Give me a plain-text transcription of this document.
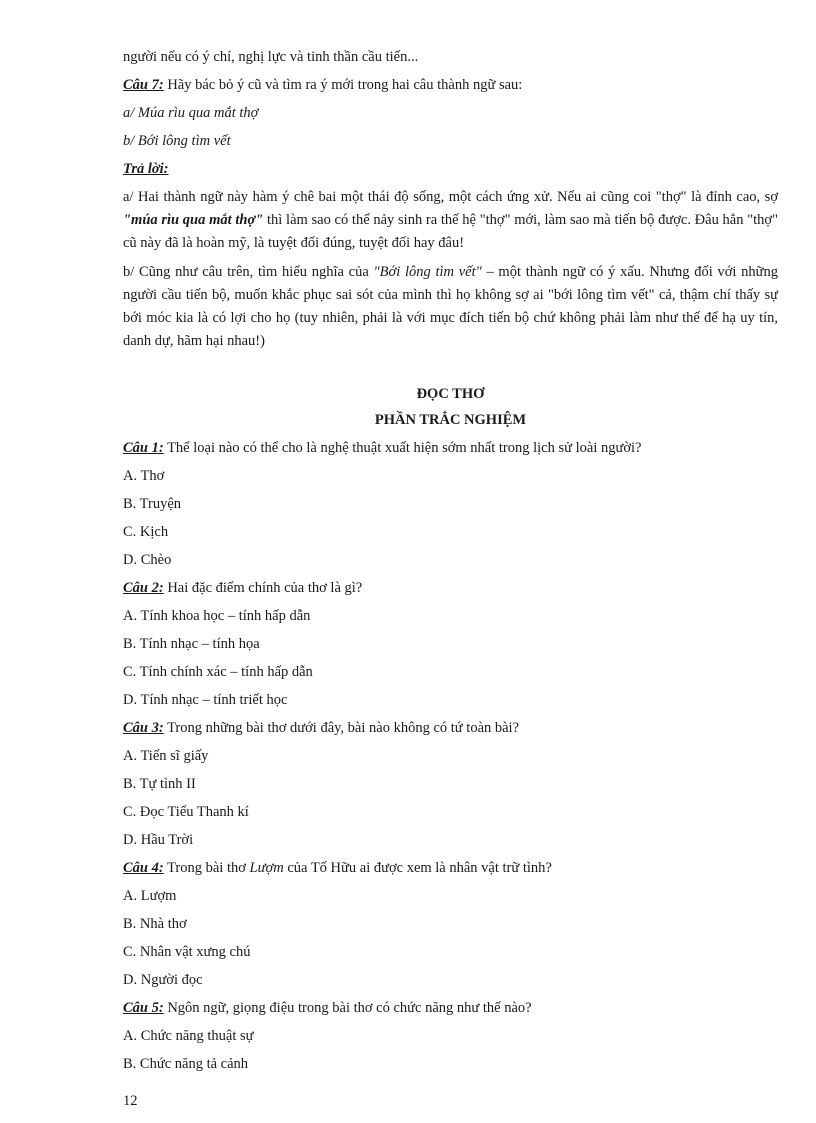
người nếu có ý chí, nghị lực và tinh thần cầu tiến...

Câu 7: Hãy bác bỏ ý cũ và tìm ra ý mới trong hai câu thành ngữ sau:

a/ Múa rìu qua mắt thợ

b/ Bới lông tìm vết

Trả lời:

a/ Hai thành ngữ này hàm ý chê bai một thái độ sống, một cách ứng xử. Nếu ai cũng coi "thợ" là đỉnh cao, sợ "múa rìu qua mắt thợ" thì làm sao có thể nảy sinh ra thế hệ "thợ" mới, làm sao mà tiến bộ được. Đâu hẳn "thợ" cũ này đã là hoàn mỹ, là tuyệt đối đúng, tuyệt đối hay đâu!

b/ Cũng như câu trên, tìm hiểu nghĩa của "Bới lông tìm vết" – một thành ngữ có ý xấu. Nhưng đối với những người cầu tiến bộ, muốn khắc phục sai sót của mình thì họ không sợ ai "bới lông tìm vết" cả, thậm chí thấy sự bới móc kia là có lợi cho họ (tuy nhiên, phải là với mục đích tiến bộ chứ không phải làm như thế để hạ uy tín, danh dự, hãm hại nhau!)

ĐỌC THƠ

PHẦN TRẮC NGHIỆM

Câu 1: Thể loại nào có thể cho là nghệ thuật xuất hiện sớm nhất trong lịch sử loài người?

A. Thơ

B. Truyện

C. Kịch

D. Chèo

Câu 2: Hai đặc điểm chính của thơ là gì?

A. Tính khoa học – tính hấp dẫn

B. Tính nhạc – tính họa

C. Tính chính xác – tính hấp dẫn

D. Tính nhạc – tính triết học

Câu 3: Trong những bài thơ dưới đây, bài nào không có tứ toàn bài?

A. Tiến sĩ giấy

B. Tự tình II

C. Đọc Tiểu Thanh kí

D. Hầu Trời

Câu 4: Trong bài thơ Lượm của Tố Hữu ai được xem là nhân vật trữ tình?

A. Lượm

B. Nhà thơ

C. Nhân vật xưng chú

D. Người đọc

Câu 5: Ngôn ngữ, giọng điệu trong bài thơ có chức năng như thế nào?

A. Chức năng thuật sự

B. Chức năng tả cảnh

12
